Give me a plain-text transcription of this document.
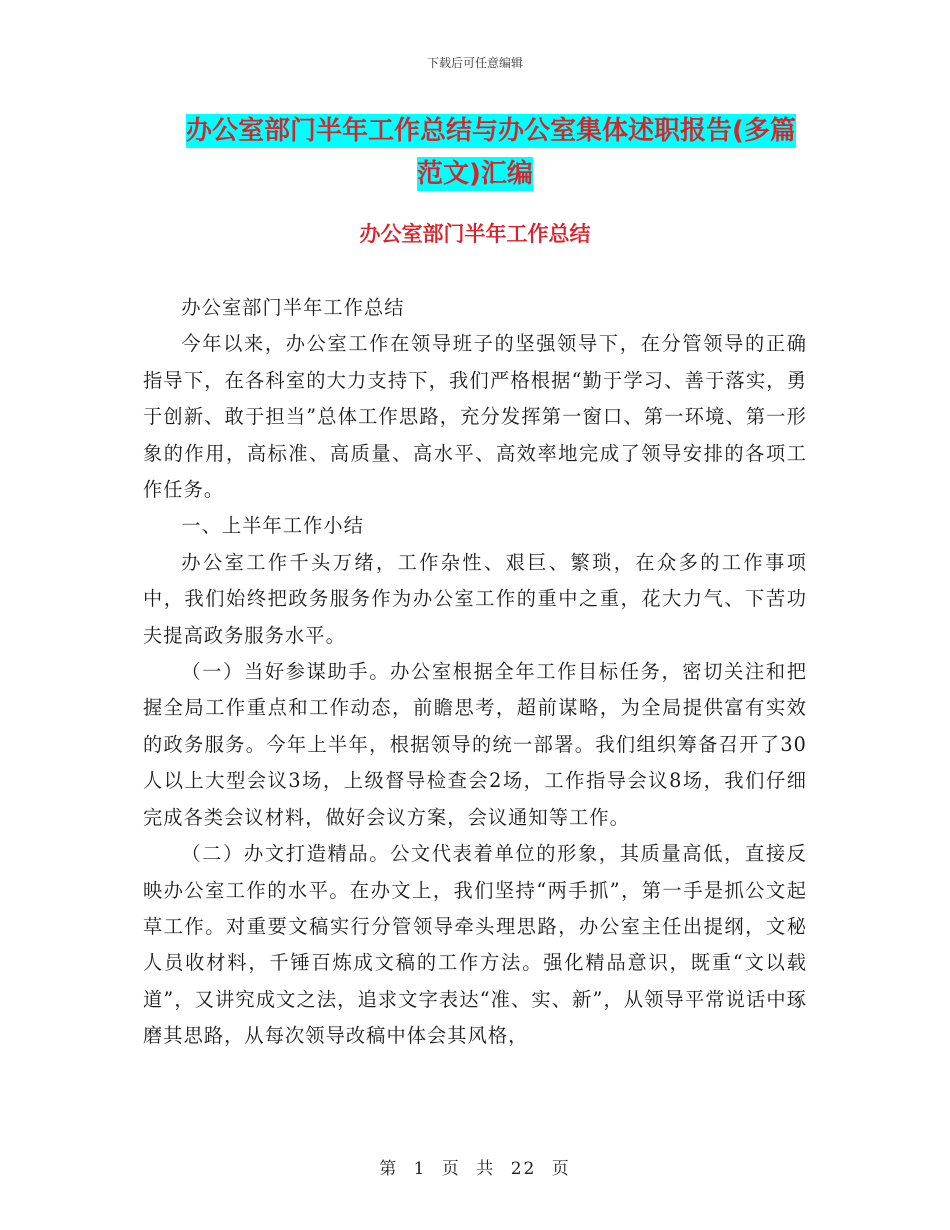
下载后可任意编辑
办公室部门半年工作总结与办公室集体述职报告(多篇
范文)汇编
办公室部门半年工作总结

办公室部门半年工作总结

今年以来，办公室工作在领导班子的坚强领导下，在分管领导的正确指导下，在各科室的大力支持下，我们严格根据“勤于学习、善于落实，勇于创新、敢于担当”总体工作思路，充分发挥第一窗口、第一环境、第一形象的作用，高标准、高质量、高水平、高效率地完成了领导安排的各项工作任务。

一、上半年工作小结

办公室工作千头万绪，工作杂性、艰巨、繁琐，在众多的工作事项中，我们始终把政务服务作为办公室工作的重中之重，花大力气、下苦功夫提高政务服务水平。

（一）当好参谋助手。办公室根据全年工作目标任务，密切关注和把握全局工作重点和工作动态，前瞻思考，超前谋略，为全局提供富有实效的政务服务。今年上半年，根据领导的统一部署。我们组织筹备召开了30人以上大型会议3场，上级督导检查会2场，工作指导会议8场，我们仔细完成各类会议材料，做好会议方案，会议通知等工作。

（二）办文打造精品。公文代表着单位的形象，其质量高低，直接反映办公室工作的水平。在办文上，我们坚持“两手抓”，第一手是抓公文起草工作。对重要文稿实行分管领导牵头理思路，办公室主任出提纲，文秘人员收材料，千锤百炼成文稿的工作方法。强化精品意识，既重“文以载道”，又讲究成文之法，追求文字表达“准、实、新”，从领导平常说话中琢磨其思路，从每次领导改稿中体会其风格，

第 1 页 共 22 页
